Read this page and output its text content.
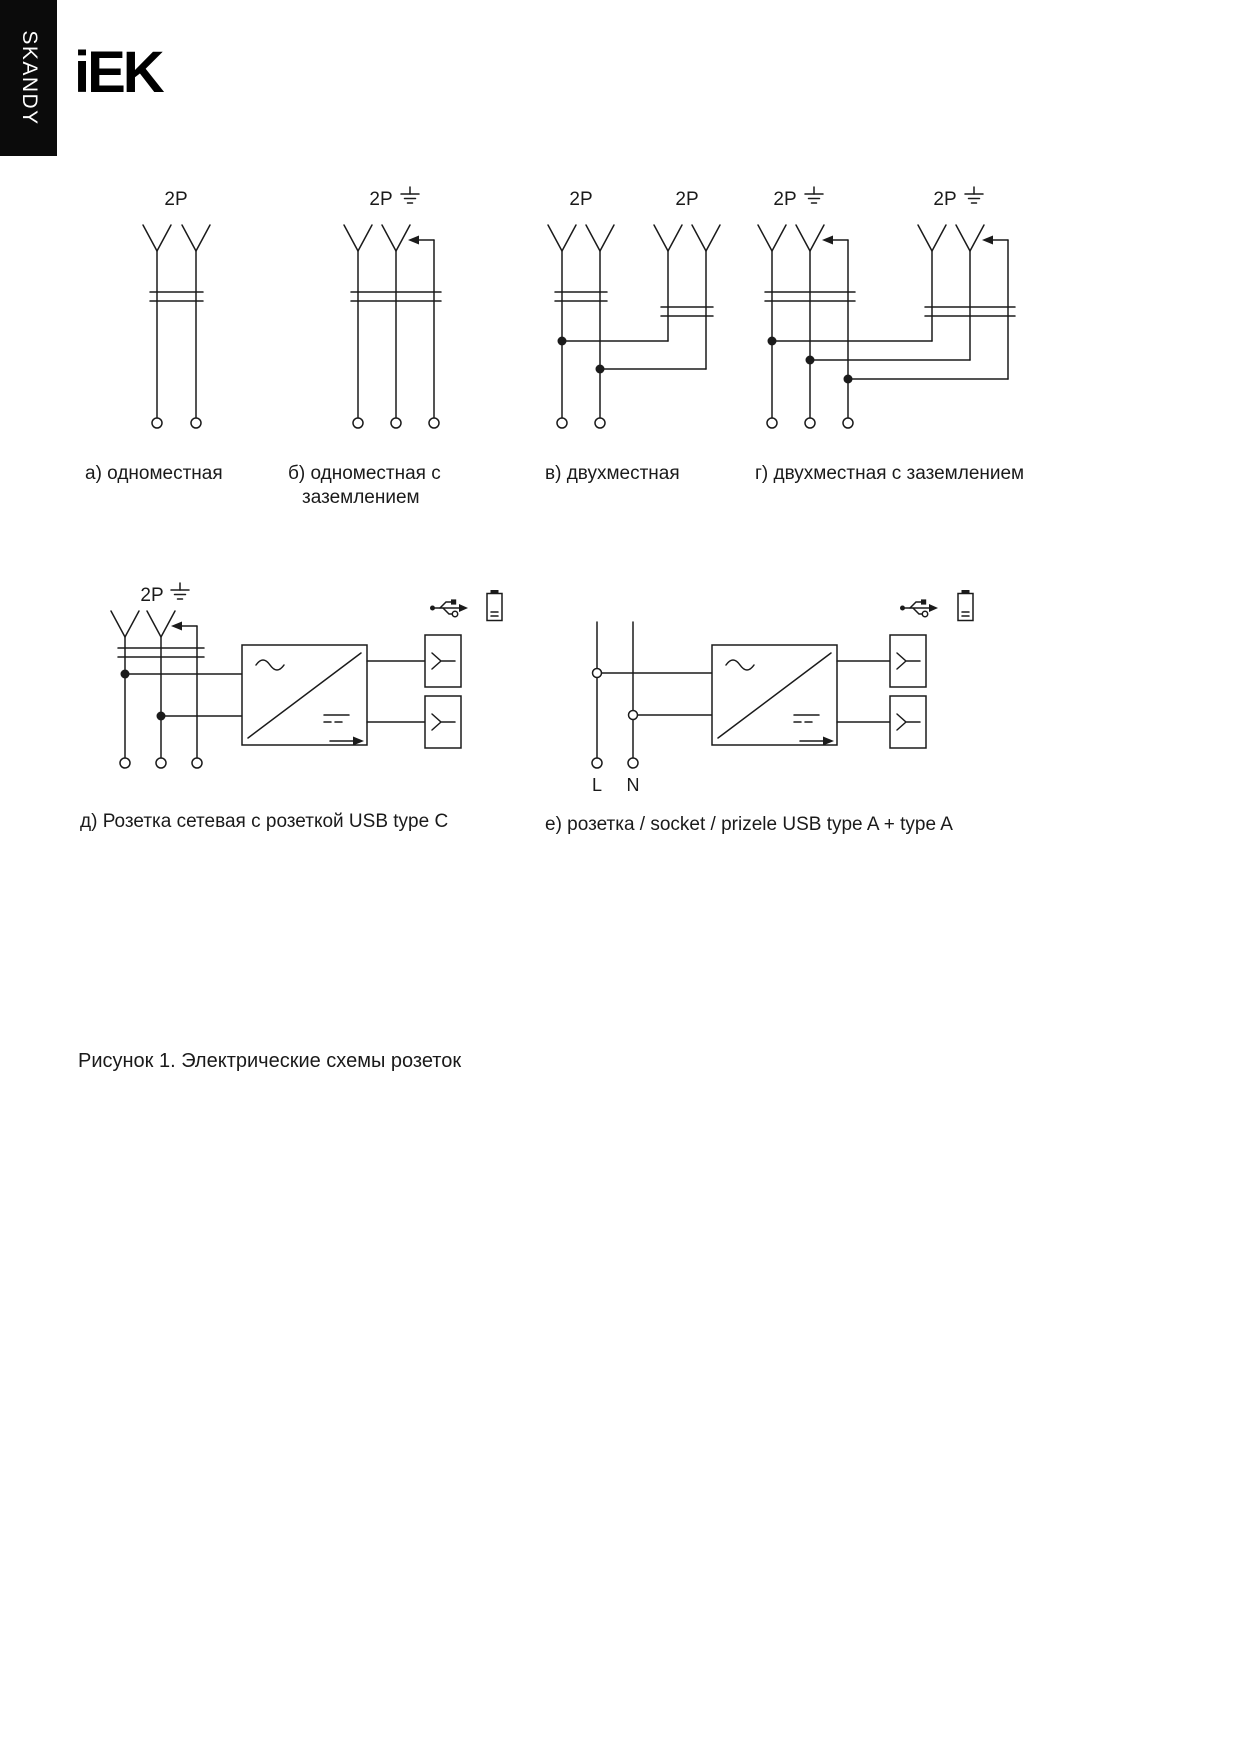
SKANDY iEK
2P	2P	2P	2P	2P	2P
2P
L N
а) одноместная	б) одноместная с
заземлением
в) двухместная	г) двухместная с заземлением
д) Розетка сетевая с розеткой USB type C	е) розетка / socket / prizele USB type A + type A
Рисунок 1. Электрические схемы розеток
